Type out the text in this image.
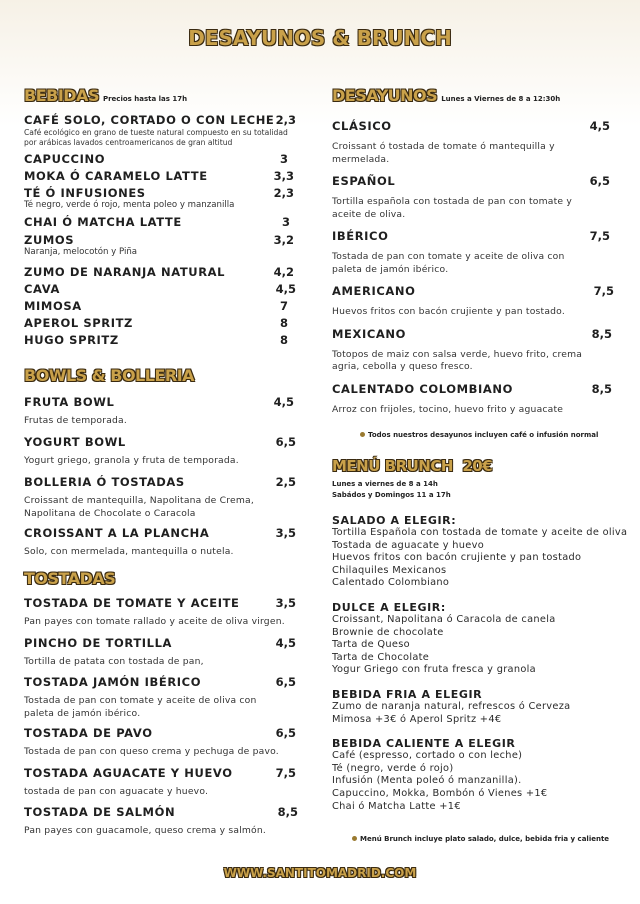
DESAYUNOS & BRUNCH
BEBIDAS Precios hasta las 17h
CAFÉ SOLO, CORTADO O CON LECHE 2,3
Café ecológico en grano de tueste natural compuesto en su totalidad por arábicas lavados centroamericanos de gran altitud
CAPUCCINO	3
MOKA Ó CARAMELO LATTE	3,3
TÉ Ó INFUSIONES	2,3
Té negro, verde ó rojo, menta poleo y manzanilla
CHAI Ó MATCHA LATTE	3
ZUMOS	3,2
Naranja, melocotón y Piña
ZUMO DE NARANJA NATURAL	4,2
CAVA	4,5
MIMOSA	7
APEROL SPRITZ	8
HUGO SPRITZ	8
BOWLS & BOLLERIA
FRUTA BOWL	4,5
Frutas de temporada.
YOGURT BOWL	6,5
Yogurt griego, granola y fruta de temporada.
BOLLERIA Ó TOSTADAS	2,5
Croissant de mantequilla, Napolitana de Crema, Napolitana de Chocolate o Caracola
CROISSANT A LA PLANCHA	3,5
Solo, con mermelada, mantequilla o nutela.
TOSTADAS
TOSTADA DE TOMATE Y ACEITE	3,5
Pan payes con tomate rallado y aceite de oliva virgen.
PINCHO DE TORTILLA	4,5
Tortilla de patata con tostada de pan,
TOSTADA JAMÓN IBÉRICO	6,5
Tostada de pan con tomate y aceite de oliva con paleta de jamón ibérico.
TOSTADA DE PAVO	6,5
Tostada de pan con queso crema y pechuga de pavo.
TOSTADA AGUACATE Y HUEVO	7,5
tostada de pan con aguacate y huevo.
TOSTADA DE SALMÓN	8,5
Pan payes con guacamole, queso crema y salmón.
DESAYUNOS Lunes a Viernes de 8 a 12:30h
CLÁSICO	4,5
Croissant ó tostada de tomate ó mantequilla y mermelada.
ESPAÑOL	6,5
Tortilla española con tostada de pan con tomate y aceite de oliva.
IBÉRICO	7,5
Tostada de pan con tomate y aceite de oliva con paleta de jamón ibérico.
AMERICANO	7,5
Huevos fritos con bacón crujiente y pan tostado.
MEXICANO	8,5
Totopos de maiz con salsa verde, huevo frito, crema agria, cebolla y queso fresco.
CALENTADO COLOMBIANO	8,5
Arroz con frijoles, tocino, huevo frito y aguacate
Todos nuestros desayunos incluyen café o infusión normal
MENÚ BRUNCH  20€
Lunes a viernes de 8 a 14h
Sabádos y Domingos 11 a 17h
SALADO A ELEGIR:
Tortilla Española con tostada de tomate y aceite de oliva
Tostada de aguacate y huevo
Huevos fritos con bacón crujiente y pan tostado
Chilaquiles Mexicanos
Calentado Colombiano
DULCE A ELEGIR:
Croissant, Napolitana ó Caracola de canela
Brownie de chocolate
Tarta de Queso
Tarta de Chocolate
Yogur Griego con fruta fresca y granola
BEBIDA FRIA A ELEGIR
Zumo de naranja natural, refrescos ó Cerveza
Mimosa +3€ ó Aperol Spritz +4€
BEBIDA CALIENTE A ELEGIR
Café (espresso, cortado o con leche)
Té (negro, verde ó rojo)
Infusión (Menta poleó ó manzanilla).
Capuccino, Mokka, Bombón ó Vienes +1€
Chai ó Matcha Latte +1€
Menú Brunch incluye plato salado, dulce, bebida fria y caliente
WWW.SANTITOMADRID.COM
